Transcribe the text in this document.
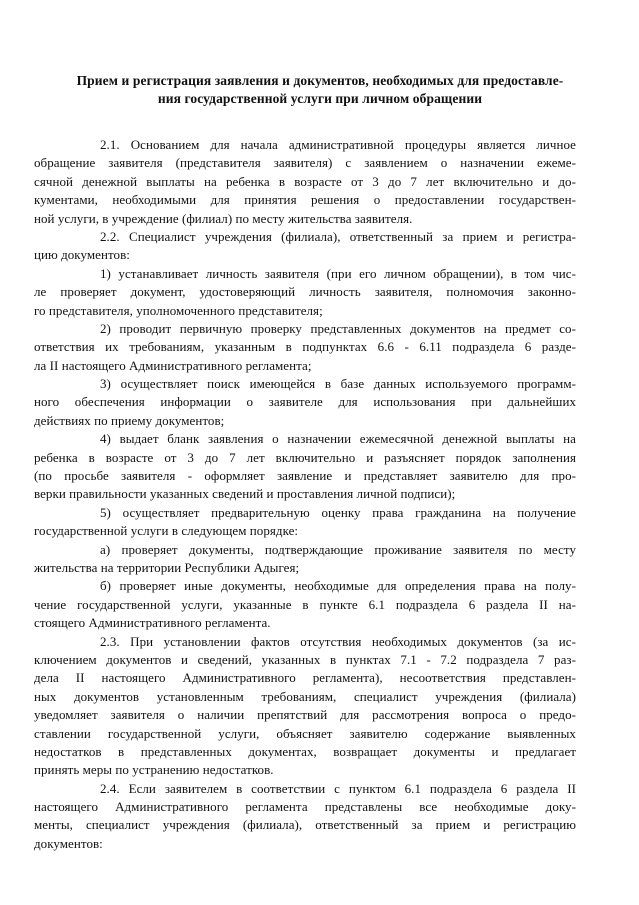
Прием и регистрация заявления и документов, необходимых для предоставле-
ния государственной услуги при личном обращении
2.1. Основанием для начала административной процедуры является личное
обращение заявителя (представителя заявителя) с заявлением о назначении ежеме-
сячной денежной выплаты на ребенка в возрасте от 3 до 7 лет включительно и до-
кументами, необходимыми для принятия решения о предоставлении государствен-
ной услуги, в учреждение (филиал) по месту жительства заявителя.
2.2. Специалист учреждения (филиала), ответственный за прием и регистра-
цию документов:
1) устанавливает личность заявителя (при его личном обращении), в том чис-
ле проверяет документ, удостоверяющий личность заявителя, полномочия законно-
го представителя, уполномоченного представителя;
2) проводит первичную проверку представленных документов на предмет со-
ответствия их требованиям, указанным в подпунктах 6.6 - 6.11 подраздела 6 разде-
ла II настоящего Административного регламента;
3) осуществляет поиск имеющейся в базе данных используемого программ-
ного обеспечения информации о заявителе для использования при дальнейших
действиях по приему документов;
4) выдает бланк заявления о назначении ежемесячной денежной выплаты на
ребенка в возрасте от 3 до 7 лет включительно и разъясняет порядок заполнения
(по просьбе заявителя - оформляет заявление и представляет заявителю для про-
верки правильности указанных сведений и проставления личной подписи);
5) осуществляет предварительную оценку права гражданина на получение
государственной услуги в следующем порядке:
а) проверяет документы, подтверждающие проживание заявителя по месту
жительства на территории Республики Адыгея;
б) проверяет иные документы, необходимые для определения права на полу-
чение государственной услуги, указанные в пункте 6.1 подраздела 6 раздела II на-
стоящего Административного регламента.
2.3. При установлении фактов отсутствия необходимых документов (за ис-
ключением документов и сведений, указанных в пунктах 7.1 - 7.2 подраздела 7 раз-
дела II настоящего Административного регламента), несоответствия представлен-
ных документов установленным требованиям, специалист учреждения (филиала)
уведомляет заявителя о наличии препятствий для рассмотрения вопроса о предо-
ставлении государственной услуги, объясняет заявителю содержание выявленных
недостатков в представленных документах, возвращает документы и предлагает
принять меры по устранению недостатков.
2.4. Если заявителем в соответствии с пунктом 6.1 подраздела 6 раздела II
настоящего Административного регламента представлены все необходимые доку-
менты, специалист учреждения (филиала), ответственный за прием и регистрацию
документов:
